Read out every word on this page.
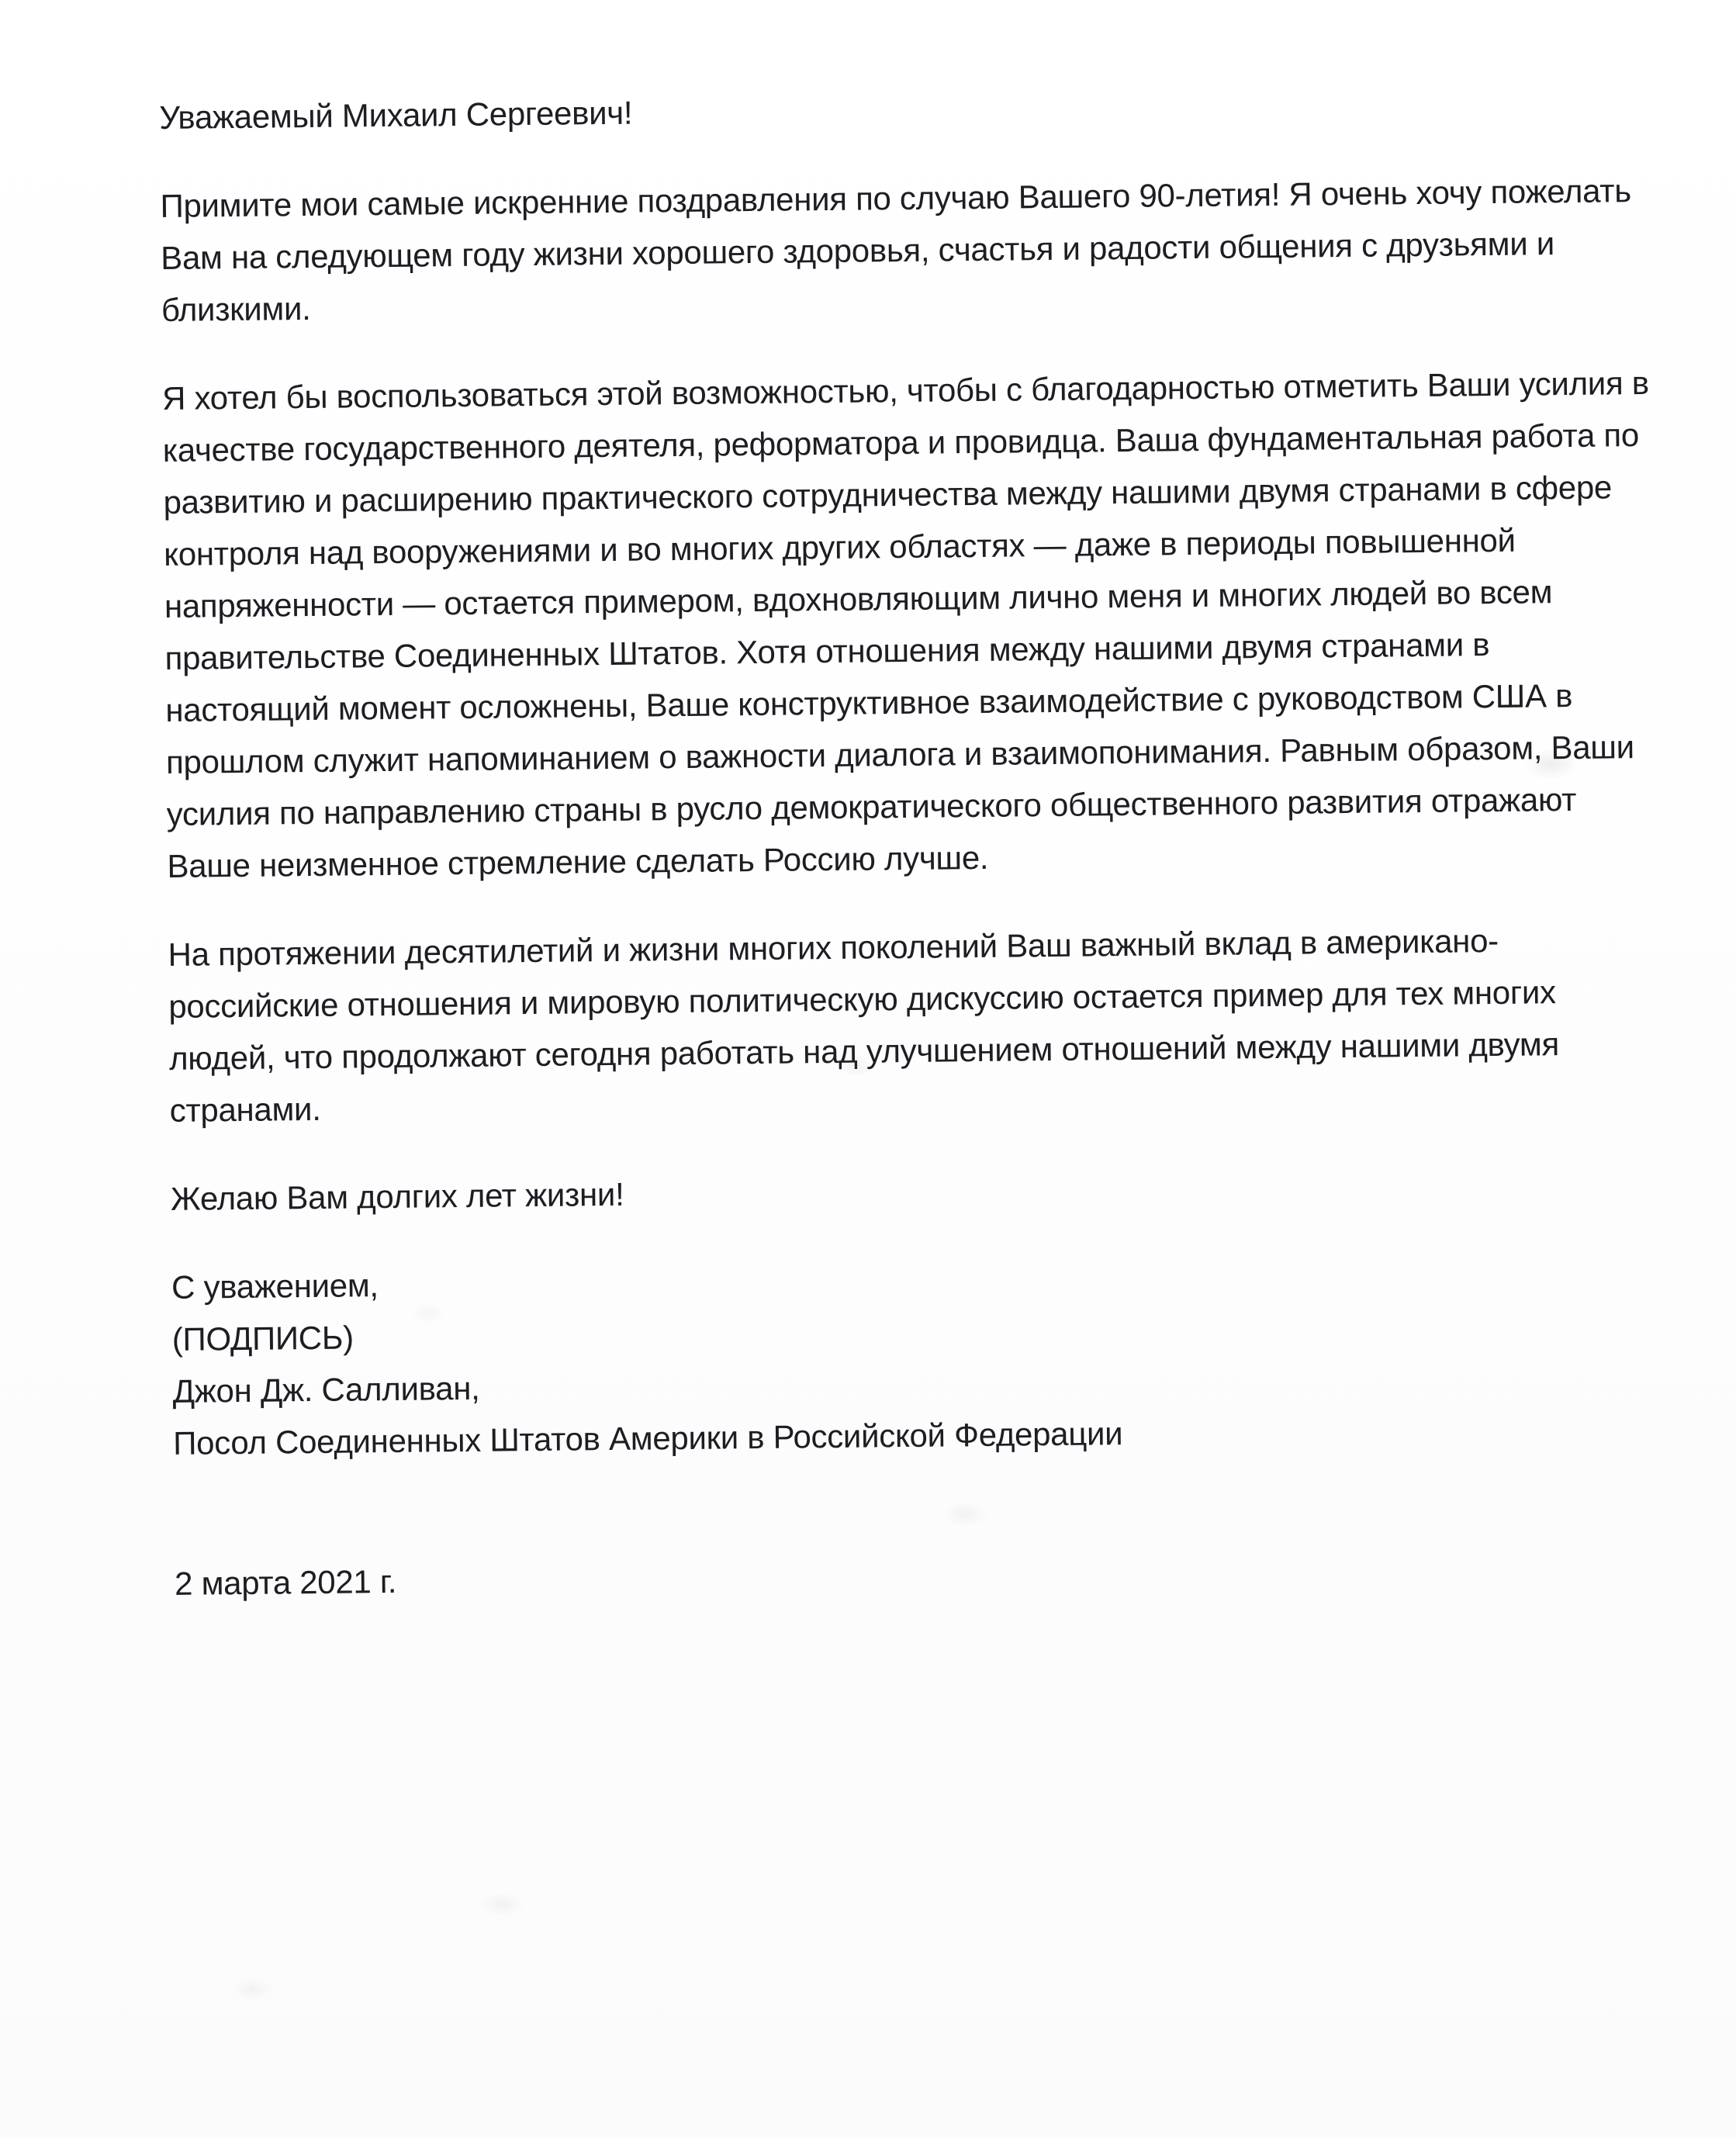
Уважаемый Михаил Сергеевич!
Примите мои самые искренние поздравления по случаю Вашего 90-летия! Я очень хочу пожелать
Вам на следующем году жизни хорошего здоровья, счастья и радости общения с друзьями и
близкими.
Я хотел бы воспользоваться этой возможностью, чтобы с благодарностью отметить Ваши усилия в
качестве государственного деятеля, реформатора и провидца. Ваша фундаментальная работа по
развитию и расширению практического сотрудничества между нашими двумя странами в сфере
контроля над вооружениями и во многих других областях — даже в периоды повышенной
напряженности — остается примером, вдохновляющим лично меня и многих людей во всем
правительстве Соединенных Штатов. Хотя отношения между нашими двумя странами в
настоящий момент осложнены, Ваше конструктивное взаимодействие с руководством США в
прошлом служит напоминанием о важности диалога и взаимопонимания. Равным образом, Ваши
усилия по направлению страны в русло демократического общественного развития отражают
Ваше неизменное стремление сделать Россию лучше.
На протяжении десятилетий и жизни многих поколений Ваш важный вклад в американо-
российские отношения и мировую политическую дискуссию остается пример для тех многих
людей, что продолжают сегодня работать над улучшением отношений между нашими двумя
странами.
Желаю Вам долгих лет жизни!
С уважением,
(ПОДПИСЬ)
Джон Дж. Салливан,
Посол Соединенных Штатов Америки в Российской Федерации
2 марта 2021 г.
